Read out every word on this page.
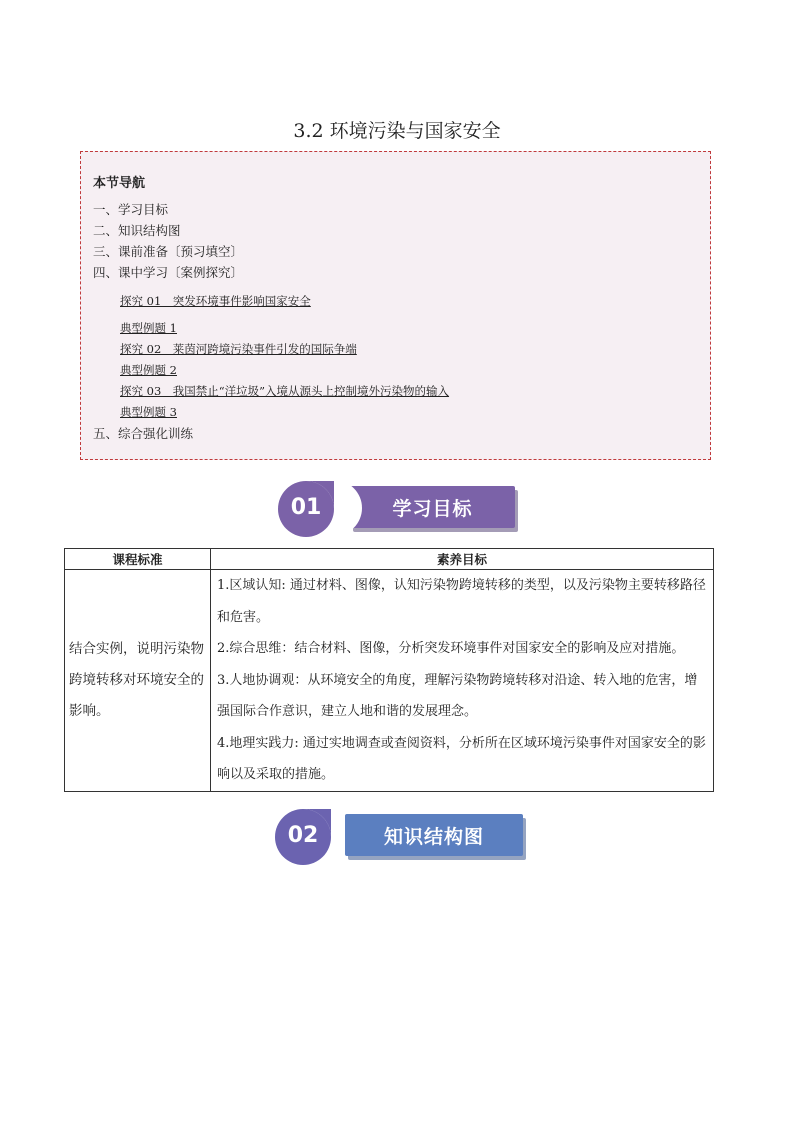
3.2 环境污染与国家安全
本节导航
一、学习目标
二、知识结构图
三、课前准备〔预习填空〕
四、课中学习〔案例探究〕
探究 01　突发环境事件影响国家安全
典型例题 1
探究 02　莱茵河跨境污染事件引发的国际争端
典型例题 2
探究 03　我国禁止“洋垃圾”入境从源头上控制境外污染物的输入
典型例题 3
五、综合强化训练
01	学习目标
课程标准	素养目标
结合实例，说明污染物跨境转移对环境安全的影响。	1.区域认知: 通过材料、图像，认知污染物跨境转移的类型，以及污染物主要转移路径和危害。
2.综合思维：结合材料、图像，分析突发环境事件对国家安全的影响及应对措施。
3.人地协调观：从环境安全的角度，理解污染物跨境转移对沿途、转入地的危害，增强国际合作意识，建立人地和谐的发展理念。
4.地理实践力: 通过实地调查或查阅资料，分析所在区域环境污染事件对国家安全的影响以及采取的措施。
02	知识结构图
